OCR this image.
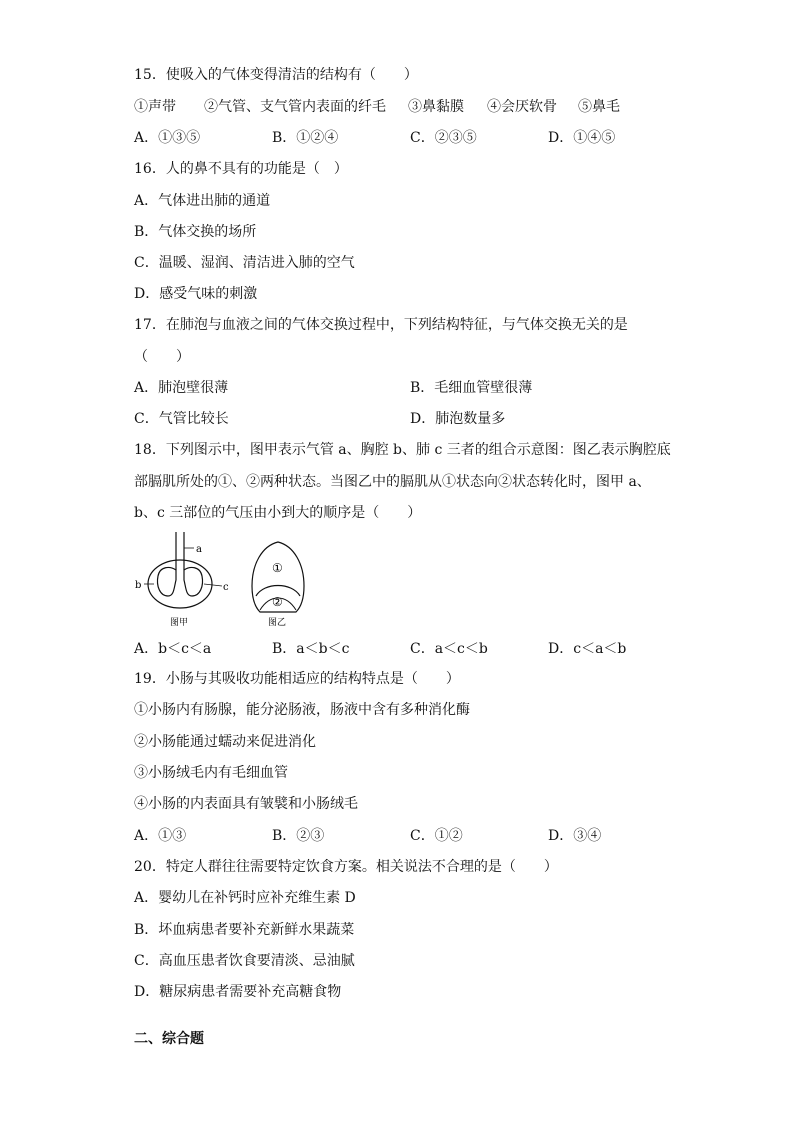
15．使吸入的气体变得清洁的结构有（　　）
①声带 ②气管、支气管内表面的纤毛 ③鼻黏膜 ④会厌软骨 ⑤鼻毛
A．①③⑤	B．①②④	C．②③⑤	D．①④⑤
16．人的鼻不具有的功能是（　）
A．气体进出肺的通道
B．气体交换的场所
C．温暖、湿润、清洁进入肺的空气
D．感受气味的刺激
17．在肺泡与血液之间的气体交换过程中，下列结构特征，与气体交换无关的是
（　　）
A．肺泡壁很薄	B．毛细血管壁很薄
C．气管比较长	D．肺泡数量多
18．下列图示中，图甲表示气管 a、胸腔 b、肺 c 三者的组合示意图：图乙表示胸腔底
部膈肌所处的①、②两种状态。当图乙中的膈肌从①状态向②状态转化时，图甲 a、
b、c 三部位的气压由小到大的顺序是（　　）
a
b	c
图甲
①
②
图乙
A．b＜c＜a	B．a＜b＜c	C．a＜c＜b	D．c＜a＜b
19．小肠与其吸收功能相适应的结构特点是（　　）
①小肠内有肠腺，能分泌肠液，肠液中含有多种消化酶
②小肠能通过蠕动来促进消化
③小肠绒毛内有毛细血管
④小肠的内表面具有皱襞和小肠绒毛
A．①③	B．②③	C．①②	D．③④
20．特定人群往往需要特定饮食方案。相关说法不合理的是（　　）
A．婴幼儿在补钙时应补充维生素 D
B．坏血病患者要补充新鲜水果蔬菜
C．高血压患者饮食要清淡、忌油腻
D．糖尿病患者需要补充高糖食物
二、综合题
